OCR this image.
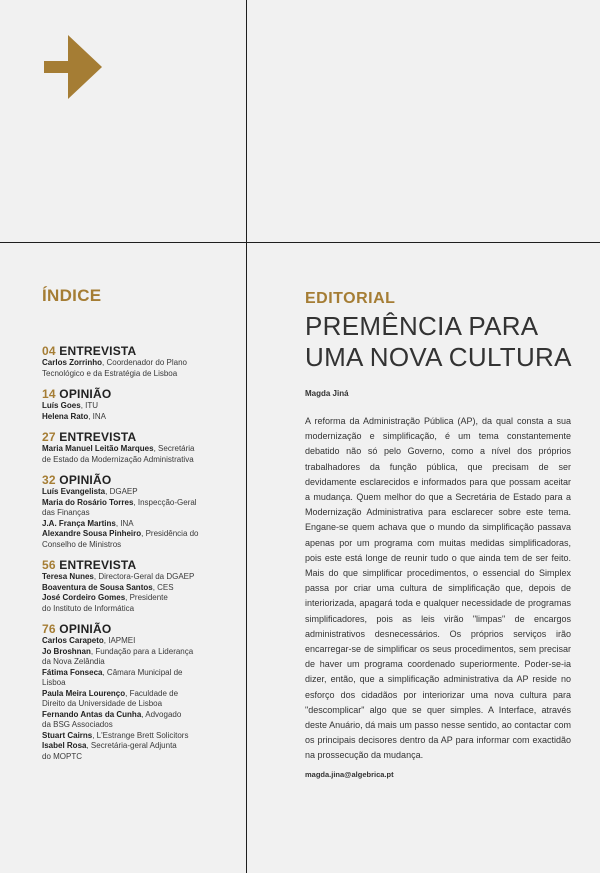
ÍNDICE
04 ENTREVISTA
Carlos Zorrinho, Coordenador do Plano
Tecnológico e da Estratégia de Lisboa
14 OPINIÃO
Luís Goes, ITU
Helena Rato, INA
27 ENTREVISTA
Maria Manuel Leitão Marques, Secretária
de Estado da Modernização Administrativa
32 OPINIÃO
Luís Evangelista, DGAEP
Maria do Rosário Torres, Inspecção-Geral
das Finanças
J.A. França Martins, INA
Alexandre Sousa Pinheiro, Presidência do
Conselho de Ministros
56 ENTREVISTA
Teresa Nunes, Directora-Geral da DGAEP
Boaventura de Sousa Santos, CES
José Cordeiro Gomes, Presidente
do Instituto de Informática
76 OPINIÃO
Carlos Carapeto, IAPMEI
Jo Broshnan, Fundação para a Liderança
da Nova Zelândia
Fátima Fonseca, Câmara Municipal de
Lisboa
Paula Meira Lourenço, Faculdade de
Direito da Universidade de Lisboa
Fernando Antas da Cunha, Advogado
da BSG Associados
Stuart Cairns, L'Estrange Brett Solicitors
Isabel Rosa, Secretária-geral Adjunta
do MOPTC
EDITORIAL
PREMÊNCIA PARA
UMA NOVA CULTURA
Magda Jiná
A reforma da Administração Pública (AP), da qual consta a sua modernização e simplificação, é um tema constantemente debatido não só pelo Governo, como a nível dos próprios trabalhadores da função pública, que precisam de ser devidamente esclarecidos e informados para que possam aceitar a mudança. Quem melhor do que a Secretária de Estado para a Modernização Administrativa para esclarecer sobre este tema. Engane-se quem achava que o mundo da simplificação passava apenas por um programa com muitas medidas simplificadoras, pois este está longe de reunir tudo o que ainda tem de ser feito. Mais do que simplificar procedimentos, o essencial do Simplex passa por criar uma cultura de simplificação que, depois de interiorizada, apagará toda e qualquer necessidade de programas simplificadores, pois as leis virão "limpas" de encargos administrativos desnecessários. Os próprios serviços irão encarregar-se de simplificar os seus procedimentos, sem precisar de haver um programa coordenado superiormente. Poder-se-ia dizer, então, que a simplificação administrativa da AP reside no esforço dos cidadãos por interiorizar uma nova cultura para "descomplicar" algo que se quer simples. A Interface, através deste Anuário, dá mais um passo nesse sentido, ao contactar com os principais decisores dentro da AP para informar com exactidão na prossecução da mudança.
magda.jina@algebrica.pt
